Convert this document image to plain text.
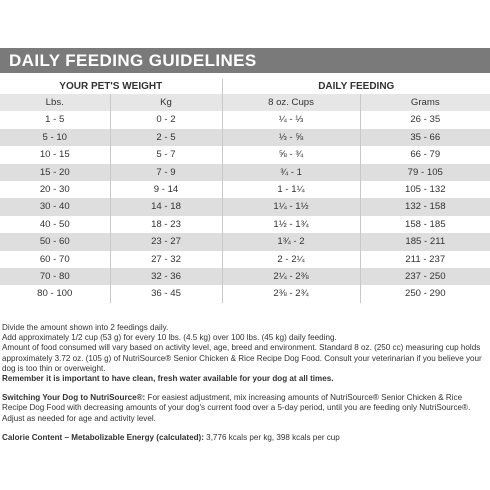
DAILY FEEDING GUIDELINES
YOUR PET'S WEIGHT		DAILY FEEDING	
Lbs.	Kg	8 oz. Cups	Grams
1 - 5	0 - 2	¼ - ⅓	26 - 35
5 - 10	2 - 5	⅓ - ⅝	35 - 66
10 - 15	5 - 7	⅝ - ¾	66 - 79
15 - 20	7 - 9	¾ - 1	79 - 105
20 - 30	9 - 14	1 - 1¼	105 - 132
30 - 40	14 - 18	1¼ - 1½	132 - 158
40 - 50	18 - 23	1½ - 1¾	158 - 185
50 - 60	23 - 27	1¾ - 2	185 - 211
60 - 70	27 - 32	2 - 2¼	211 - 237
70 - 80	32 - 36	2¼ - 2⅜	237 - 250
80 - 100	36 - 45	2⅜ - 2¾	250 - 290

Divide the amount shown into 2 feedings daily.

Add approximately 1/2 cup (53 g) for every 10 lbs. (4.5 kg) over 100 lbs. (45 kg) daily feeding.

Amount of food consumed will vary based on activity level, age, breed and environment. Standard 8 oz. (250 cc) measuring cup holds approximately 3.72 oz. (105 g) of NutriSource® Senior Chicken & Rice Recipe Dog Food. Consult your veterinarian if you believe your dog is too thin or overweight.

Remember it is important to have clean, fresh water available for your dog at all times.

Switching Your Dog to NutriSource®: For easiest adjustment, mix increasing amounts of NutriSource® Senior Chicken & Rice Recipe Dog Food with decreasing amounts of your dog's current food over a 5-day period, until you are feeding only NutriSource®. Adjust as needed for age and activity level.

Calorie Content – Metabolizable Energy (calculated): 3,776 kcals per kg, 398 kcals per cup
